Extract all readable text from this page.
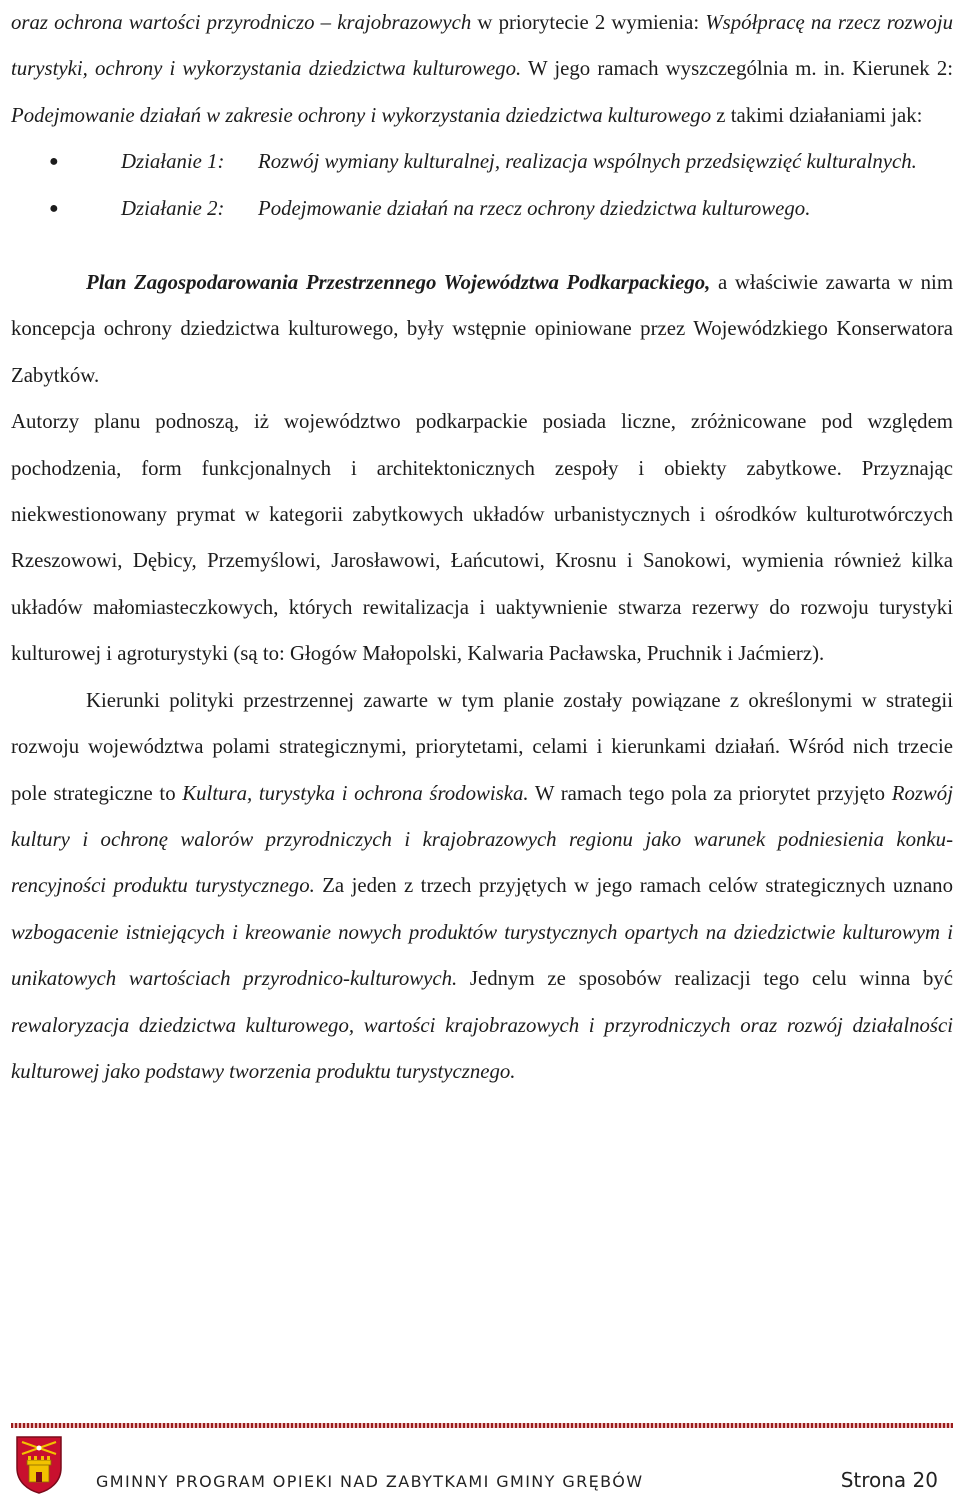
oraz ochrona wartości przyrodniczo – krajobrazowych w priorytecie 2 wymienia: Współpracę na rzecz rozwoju turystyki, ochrony i wykorzystania dziedzictwa kulturowego. W jego ramach wyszczególnia m. in. Kierunek 2: Podejmowanie działań w zakresie ochrony i wykorzystania dziedzictwa kulturowego z takimi działaniami jak:

●	Działanie 1: Rozwój wymiany kulturalnej, realizacja wspólnych przedsięwzięć kulturalnych.
●	Działanie 2: Podejmowanie działań na rzecz ochrony dziedzictwa kulturowego.

Plan Zagospodarowania Przestrzennego Województwa Podkarpackiego, a właściwie zawarta w nim koncepcja ochrony dziedzictwa kulturowego, były wstępnie opiniowane przez Wojewódzkiego Konserwatora Zabytków.

Autorzy planu podnoszą, iż województwo podkarpackie posiada liczne, zróżnicowane pod względem pochodzenia, form funkcjonalnych i architektonicznych zespoły i obiekty zabytkowe. Przyznając niekwestionowany prymat w kategorii zabytkowych układów urbanistycznych i ośrodków kulturotwórczych Rzeszowowi, Dębicy, Przemyślowi, Jarosławowi, Łańcutowi, Krosnu i Sanokowi, wymienia również kilka układów małomiasteczkowych, których rewitalizacja i uaktywnienie stwarza rezerwy do rozwoju turystyki kulturowej i agroturystyki (są to: Głogów Małopolski, Kalwaria Pacławska, Pruchnik i Jaćmierz).

Kierunki polityki przestrzennej zawarte w tym planie zostały powiązane z określonymi w strategii rozwoju województwa polami strategicznymi, priorytetami, celami i kierunkami działań. Wśród nich trzecie pole strategiczne to Kultura, turystyka i ochrona środowiska. W ramach tego pola za priorytet przyjęto Rozwój kultury i ochronę walorów przyrodniczych i krajobrazowych regionu jako warunek podniesienia konkurencyjności produktu turystycznego. Za jeden z trzech przyjętych w jego ramach celów strategicznych uznano wzbogacenie istniejących i kreowanie nowych produktów turystycznych opartych na dziedzictwie kulturowym i unikatowych wartościach przyrodnico-kulturowych. Jednym ze sposobów realizacji tego celu winna być rewaloryzacja dziedzictwa kulturowego, wartości krajobrazowych i przyrodniczych oraz rozwój działalności kulturowej jako podstawy tworzenia produktu turystycznego.

GMINNY PROGRAM OPIEKI NAD ZABYTKAMI GMINY GRĘBÓW	Strona 20
